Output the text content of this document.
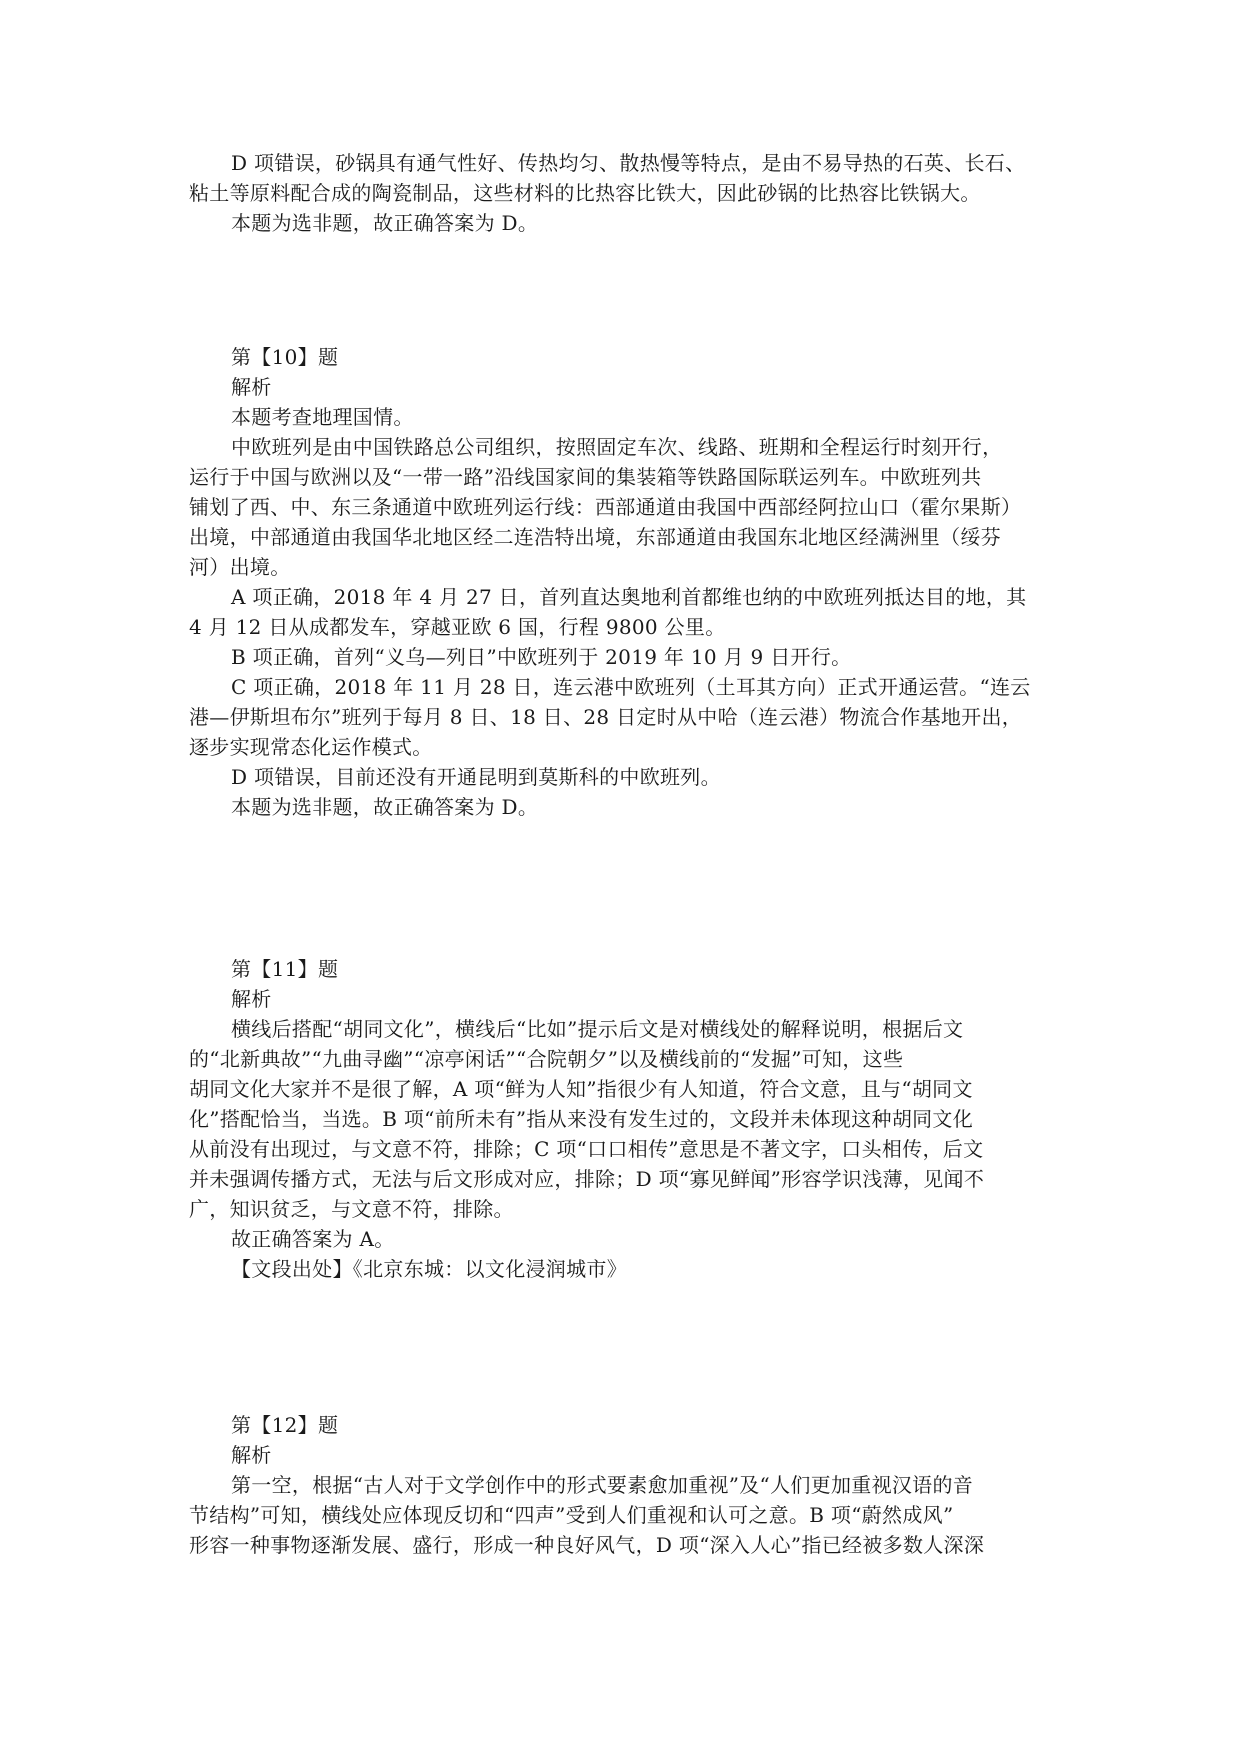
D 项错误，砂锅具有通气性好、传热均匀、散热慢等特点，是由不易导热的石英、长石、
粘土等原料配合成的陶瓷制品，这些材料的比热容比铁大，因此砂锅的比热容比铁锅大。
本题为选非题，故正确答案为 D。
第【10】题
解析
本题考查地理国情。
中欧班列是由中国铁路总公司组织，按照固定车次、线路、班期和全程运行时刻开行，
运行于中国与欧洲以及“一带一路”沿线国家间的集装箱等铁路国际联运列车。中欧班列共
铺划了西、中、东三条通道中欧班列运行线：西部通道由我国中西部经阿拉山口（霍尔果斯）
出境，中部通道由我国华北地区经二连浩特出境，东部通道由我国东北地区经满洲里（绥芬
河）出境。
A 项正确，2018 年 4 月 27 日，首列直达奥地利首都维也纳的中欧班列抵达目的地，其
4 月 12 日从成都发车，穿越亚欧 6 国，行程 9800 公里。
B 项正确，首列“义乌—列日”中欧班列于 2019 年 10 月 9 日开行。
C 项正确，2018 年 11 月 28 日，连云港中欧班列（土耳其方向）正式开通运营。“连云
港—伊斯坦布尔”班列于每月 8 日、18 日、28 日定时从中哈（连云港）物流合作基地开出，
逐步实现常态化运作模式。
D 项错误，目前还没有开通昆明到莫斯科的中欧班列。
本题为选非题，故正确答案为 D。
第【11】题
解析
横线后搭配“胡同文化”，横线后“比如”提示后文是对横线处的解释说明，根据后文
的“北新典故”“九曲寻幽”“凉亭闲话”“合院朝夕”以及横线前的“发掘”可知，这些
胡同文化大家并不是很了解，A 项“鲜为人知”指很少有人知道，符合文意，且与“胡同文
化”搭配恰当，当选。B 项“前所未有”指从来没有发生过的，文段并未体现这种胡同文化
从前没有出现过，与文意不符，排除；C 项“口口相传”意思是不著文字，口头相传，后文
并未强调传播方式，无法与后文形成对应，排除；D 项“寡见鲜闻”形容学识浅薄，见闻不
广，知识贫乏，与文意不符，排除。
故正确答案为 A。
【文段出处】《北京东城：以文化浸润城市》
第【12】题
解析
第一空，根据“古人对于文学创作中的形式要素愈加重视”及“人们更加重视汉语的音
节结构”可知，横线处应体现反切和“四声”受到人们重视和认可之意。B 项“蔚然成风”
形容一种事物逐渐发展、盛行，形成一种良好风气，D 项“深入人心”指已经被多数人深深
